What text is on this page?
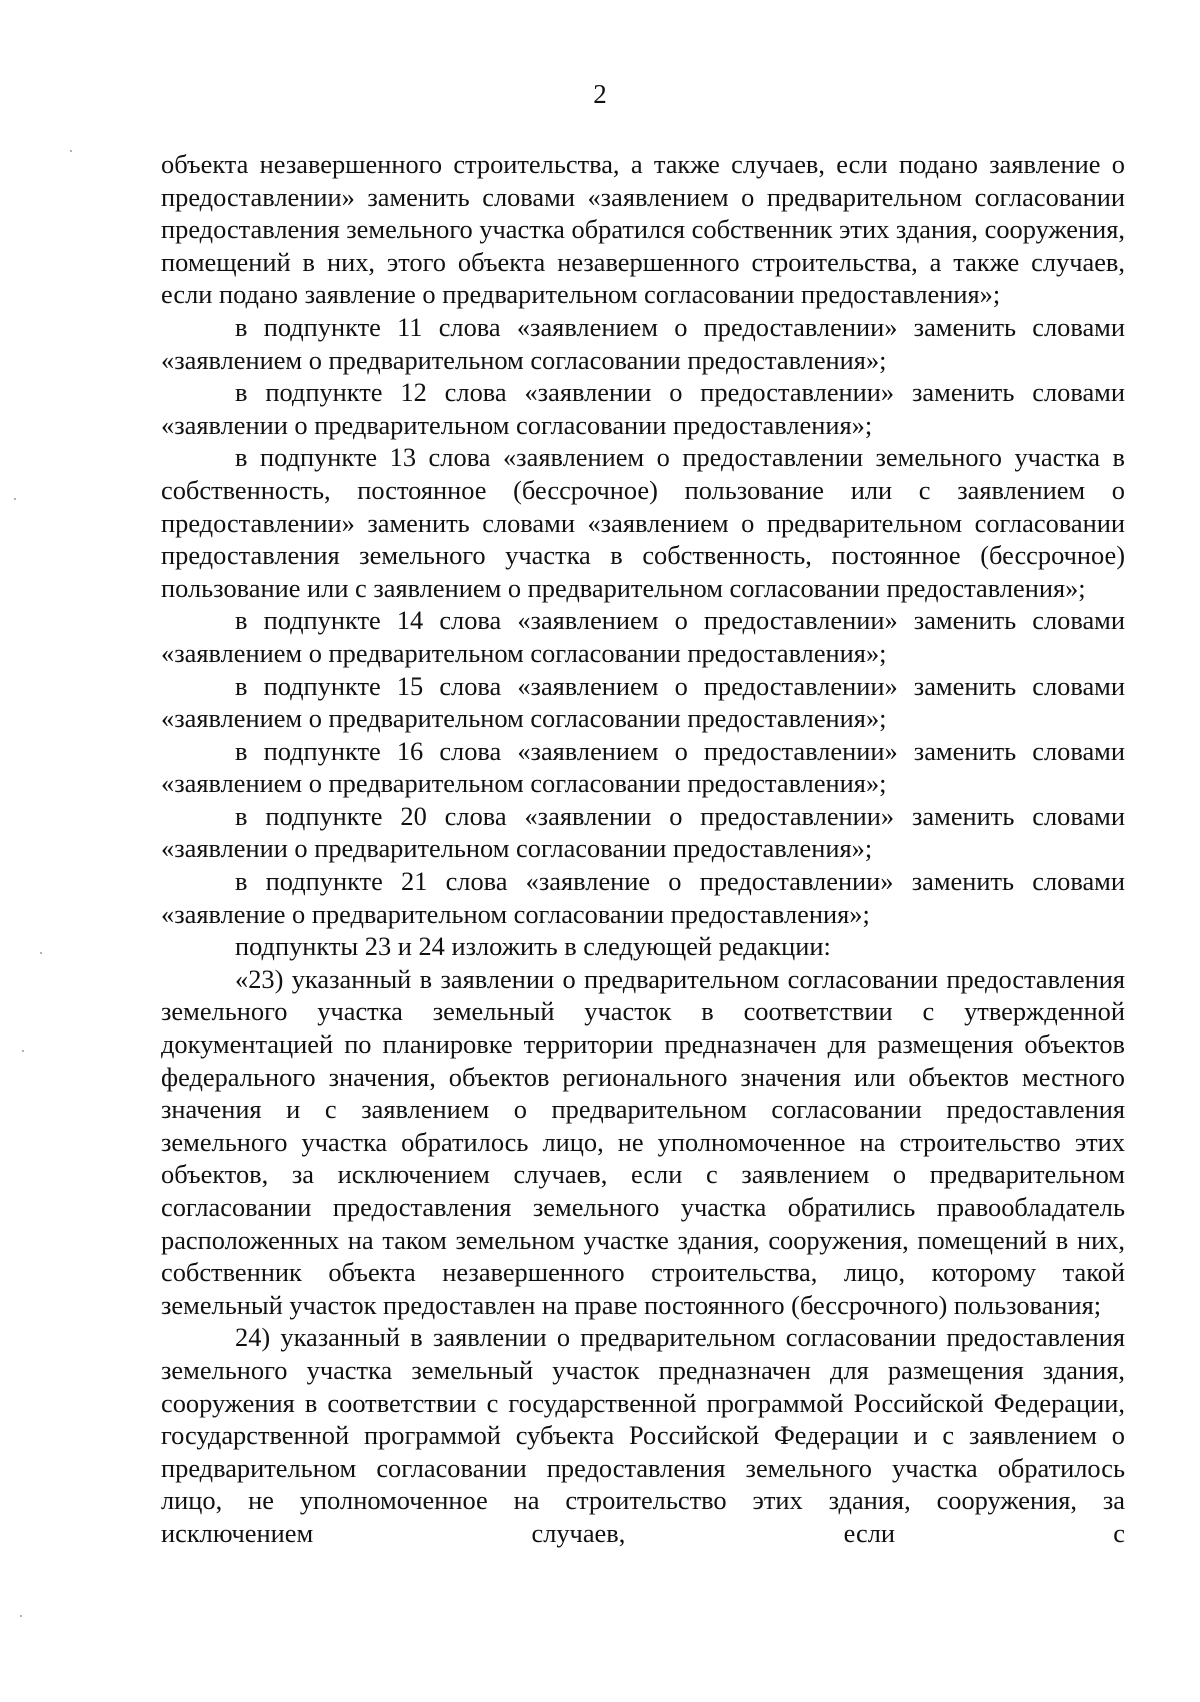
2

объекта незавершенного строительства, а также случаев, если подано заявление о предоставлении» заменить словами «заявлением о предварительном согласовании предоставления земельного участка обратился собственник этих здания, сооружения, помещений в них, этого объекта незавершенного строительства, а также случаев, если подано заявление о предварительном согласовании предоставления»;

в подпункте 11 слова «заявлением о предоставлении» заменить словами «заявлением о предварительном согласовании предоставления»;

в подпункте 12 слова «заявлении о предоставлении» заменить словами «заявлении о предварительном согласовании предоставления»;

в подпункте 13 слова «заявлением о предоставлении земельного участка в собственность, постоянное (бессрочное) пользование или с заявлением о предоставлении» заменить словами «заявлением о предварительном согласовании предоставления земельного участка в собственность, постоянное (бессрочное) пользование или с заявлением о предварительном согласовании предоставления»;

в подпункте 14 слова «заявлением о предоставлении» заменить словами «заявлением о предварительном согласовании предоставления»;

в подпункте 15 слова «заявлением о предоставлении» заменить словами «заявлением о предварительном согласовании предоставления»;

в подпункте 16 слова «заявлением о предоставлении» заменить словами «заявлением о предварительном согласовании предоставления»;

в подпункте 20 слова «заявлении о предоставлении» заменить словами «заявлении о предварительном согласовании предоставления»;

в подпункте 21 слова «заявление о предоставлении» заменить словами «заявление о предварительном согласовании предоставления»;

подпункты 23 и 24 изложить в следующей редакции:

«23) указанный в заявлении о предварительном согласовании предоставления земельного участка земельный участок в соответствии с утвержденной документацией по планировке территории предназначен для размещения объектов федерального значения, объектов регионального значения или объектов местного значения и с заявлением о предварительном согласовании предоставления земельного участка обратилось лицо, не уполномоченное на строительство этих объектов, за исключением случаев, если с заявлением о предварительном согласовании предоставления земельного участка обратились правообладатель расположенных на таком земельном участке здания, сооружения, помещений в них, собственник объекта незавершенного строительства, лицо, которому такой земельный участок предоставлен на праве постоянного (бессрочного) пользования;

24) указанный в заявлении о предварительном согласовании предоставления земельного участка земельный участок предназначен для размещения здания, сооружения в соответствии с государственной программой Российской Федерации, государственной программой субъекта Российской Федерации и с заявлением о предварительном согласовании предоставления земельного участка обратилось лицо, не уполномоченное на строительство этих здания, сооружения, за исключением случаев, если с
